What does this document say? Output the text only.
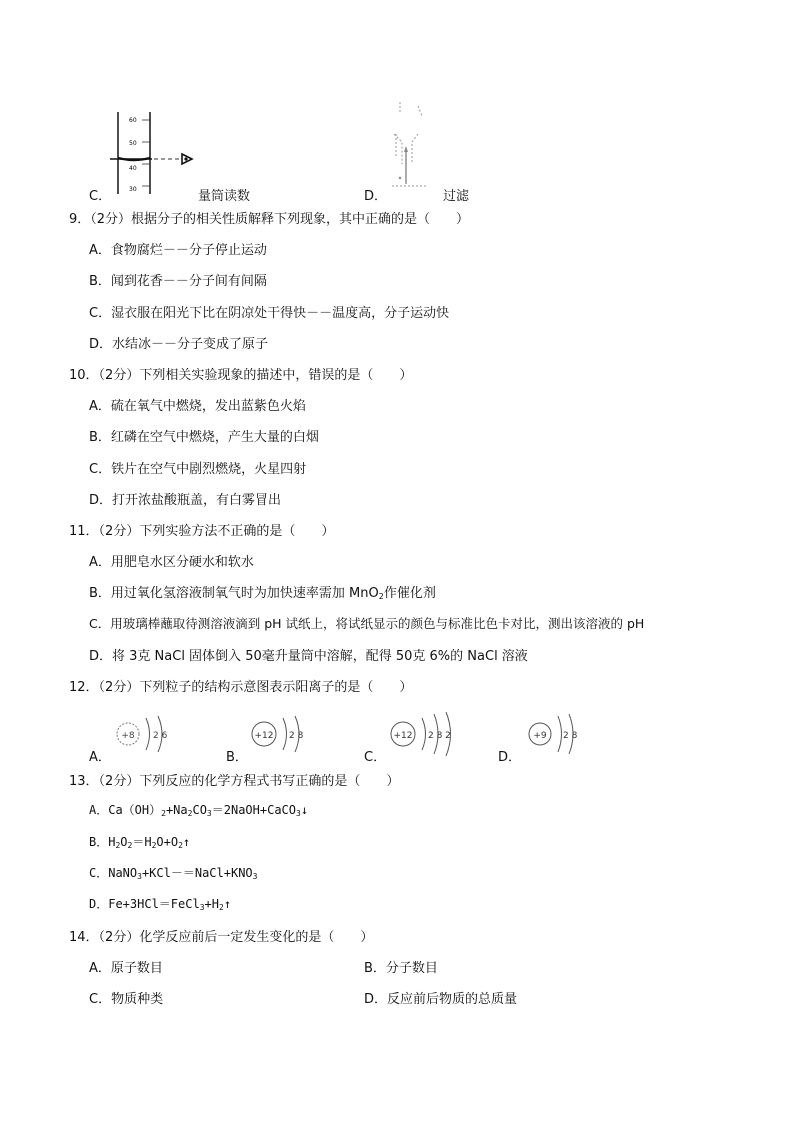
60
50
40
30
C．	量筒读数	D．	过滤
9．（2分）根据分子的相关性质解释下列现象，其中正确的是（　　）
A．食物腐烂－－分子停止运动
B．闻到花香－－分子间有间隔
C．湿衣服在阳光下比在阴凉处干得快－－温度高，分子运动快
D．水结冰－－分子变成了原子
10．（2分）下列相关实验现象的描述中，错误的是（　　）
A．硫在氧气中燃烧，发出蓝紫色火焰
B．红磷在空气中燃烧，产生大量的白烟
C．铁片在空气中剧烈燃烧，火星四射
D．打开浓盐酸瓶盖，有白雾冒出
11．（2分）下列实验方法不正确的是（　　）
A．用肥皂水区分硬水和软水
B．用过氧化氢溶液制氧气时为加快速率需加 MnO$_2$作催化剂
C．用玻璃棒蘸取待测溶液滴到 pH 试纸上，将试纸显示的颜色与标准比色卡对比，测出该溶液的 pH
D．将 3克 NaCl 固体倒入 50毫升量筒中溶解，配得 50克 6%的 NaCl 溶液
12．（2分）下列粒子的结构示意图表示阳离子的是（　　）
A．
+8 2 6
B．
+12 2 8
C．
+12 2 8 2
D．
+9 2 8
13．（2分）下列反应的化学方程式书写正确的是（　　）
A．$Ca(OH)_2+Na_2CO_3=2NaOH+CaCO_3↓$
B．$H_2O_2=H_2O+O_2↑$
C．$NaNO_3+KCl-=NaCl+KNO_3$
D．$Fe+3HCl=FeCl_3+H_2↑$
14．（2分）化学反应前后一定发生变化的是（　　）
A．原子数目	B．分子数目
C．物质种类	D．反应前后物质的总质量
